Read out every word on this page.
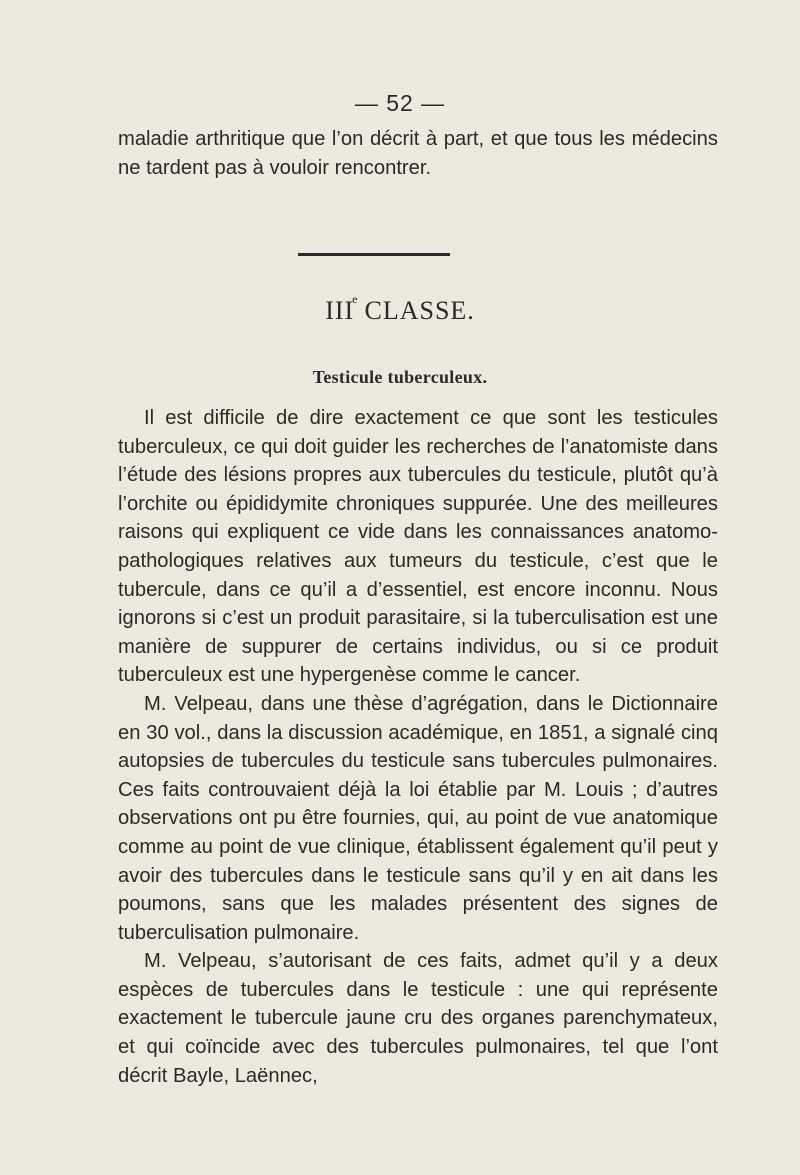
— 52 —

maladie arthritique que l’on décrit à part, et que tous les médecins ne tardent pas à vouloir rencontrer.

IIIe CLASSE.
Testicule tuberculeux.

Il est difficile de dire exactement ce que sont les testicules tuberculeux, ce qui doit guider les recherches de l’anatomiste dans l’étude des lésions propres aux tubercules du testicule, plutôt qu’à l’orchite ou épididymite chroniques suppurée. Une des meilleures raisons qui expliquent ce vide dans les connaissances anatomo-pathologiques relatives aux tumeurs du testicule, c’est que le tubercule, dans ce qu’il a d’essentiel, est encore inconnu. Nous ignorons si c’est un produit parasitaire, si la tuberculisation est une manière de suppurer de certains individus, ou si ce produit tuberculeux est une hypergenèse comme le cancer.

M. Velpeau, dans une thèse d’agrégation, dans le Dictionnaire en 30 vol., dans la discussion académique, en 1851, a signalé cinq autopsies de tubercules du testicule sans tubercules pulmonaires. Ces faits controuvaient déjà la loi établie par M. Louis ; d’autres observations ont pu être fournies, qui, au point de vue anatomique comme au point de vue clinique, établissent également qu’il peut y avoir des tubercules dans le testicule sans qu’il y en ait dans les poumons, sans que les malades présentent des signes de tuberculisation pulmonaire.

M. Velpeau, s’autorisant de ces faits, admet qu’il y a deux espèces de tubercules dans le testicule : une qui représente exactement le tubercule jaune cru des organes parenchymateux, et qui coïncide avec des tubercules pulmonaires, tel que l’ont décrit Bayle, Laënnec,
